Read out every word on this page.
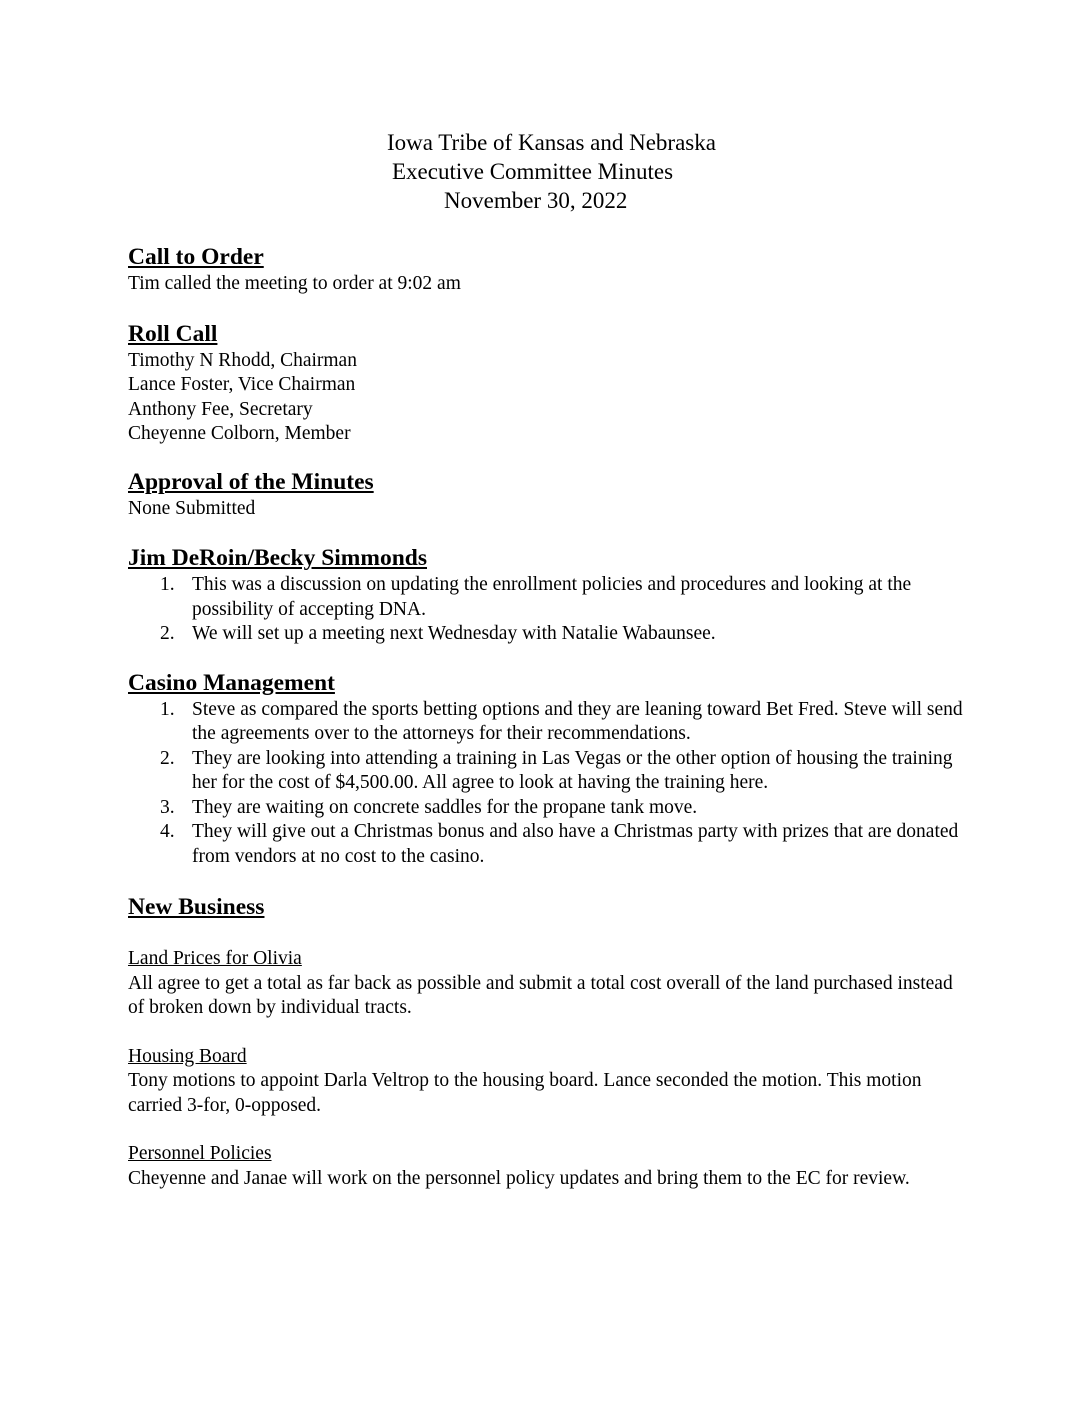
Iowa Tribe of Kansas and Nebraska
Executive Committee Minutes
November 30, 2022
Call to Order

Tim called the meeting to order at 9:02 am

Roll Call

Timothy N Rhodd, Chairman

Lance Foster, Vice Chairman

Anthony Fee, Secretary

Cheyenne Colborn, Member

Approval of the Minutes

None Submitted

Jim DeRoin/Becky Simmonds
1. This was a discussion on updating the enrollment policies and procedures and looking at the possibility of accepting DNA.
2. We will set up a meeting next Wednesday with Natalie Wabaunsee.
Casino Management
1. Steve as compared the sports betting options and they are leaning toward Bet Fred. Steve will send the agreements over to the attorneys for their recommendations.
2. They are looking into attending a training in Las Vegas or the other option of housing the training her for the cost of $4,500.00. All agree to look at having the training here.
3. They are waiting on concrete saddles for the propane tank move.
4. They will give out a Christmas bonus and also have a Christmas party with prizes that are donated from vendors at no cost to the casino.
New Business

Land Prices for Olivia

All agree to get a total as far back as possible and submit a total cost overall of the land purchased instead of broken down by individual tracts.

Housing Board

Tony motions to appoint Darla Veltrop to the housing board. Lance seconded the motion. This motion carried 3-for, 0-opposed.

Personnel Policies

Cheyenne and Janae will work on the personnel policy updates and bring them to the EC for review.
